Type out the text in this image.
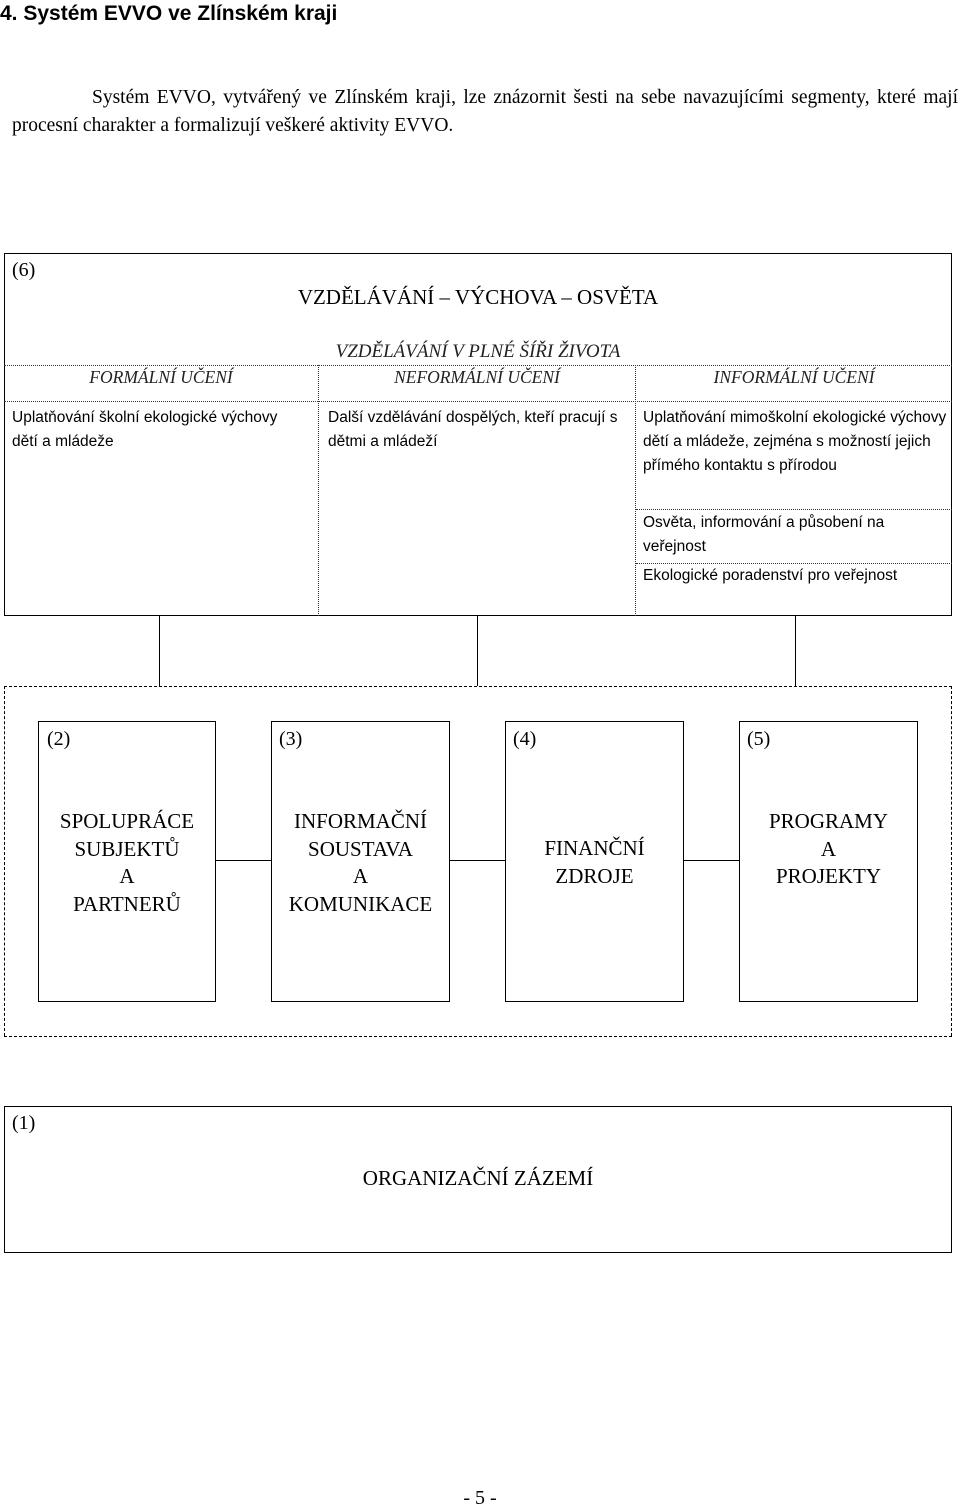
4. Systém EVVO ve Zlínském kraji
Systém EVVO, vytvářený ve Zlínském kraji, lze znázornit šesti na sebe navazujícími segmenty, které mají procesní charakter a formalizují veškeré aktivity EVVO.
(6)
VZDĚLÁVÁNÍ – VÝCHOVA – OSVĚTA
VZDĚLÁVÁNÍ V PLNÉ ŠÍŘI ŽIVOTA
FORMÁLNÍ UČENÍ	NEFORMÁLNÍ UČENÍ	INFORMÁLNÍ UČENÍ
Uplatňování školní ekologické výchovy dětí a mládeže
Další vzdělávání dospělých, kteří pracují s dětmi a mládeží
Uplatňování mimoškolní ekologické výchovy dětí a mládeže, zejména s možností jejich přímého kontaktu s přírodou
Osvěta, informování a působení na veřejnost
Ekologické poradenství pro veřejnost
(2)
SPOLUPRÁCE
SUBJEKTŮ
A
PARTNERŮ
(3)
INFORMAČNÍ
SOUSTAVA
A
KOMUNIKACE
(4)
FINANČNÍ
ZDROJE
(5)
PROGRAMY
A
PROJEKTY
(1)
ORGANIZAČNÍ ZÁZEMÍ
- 5 -
